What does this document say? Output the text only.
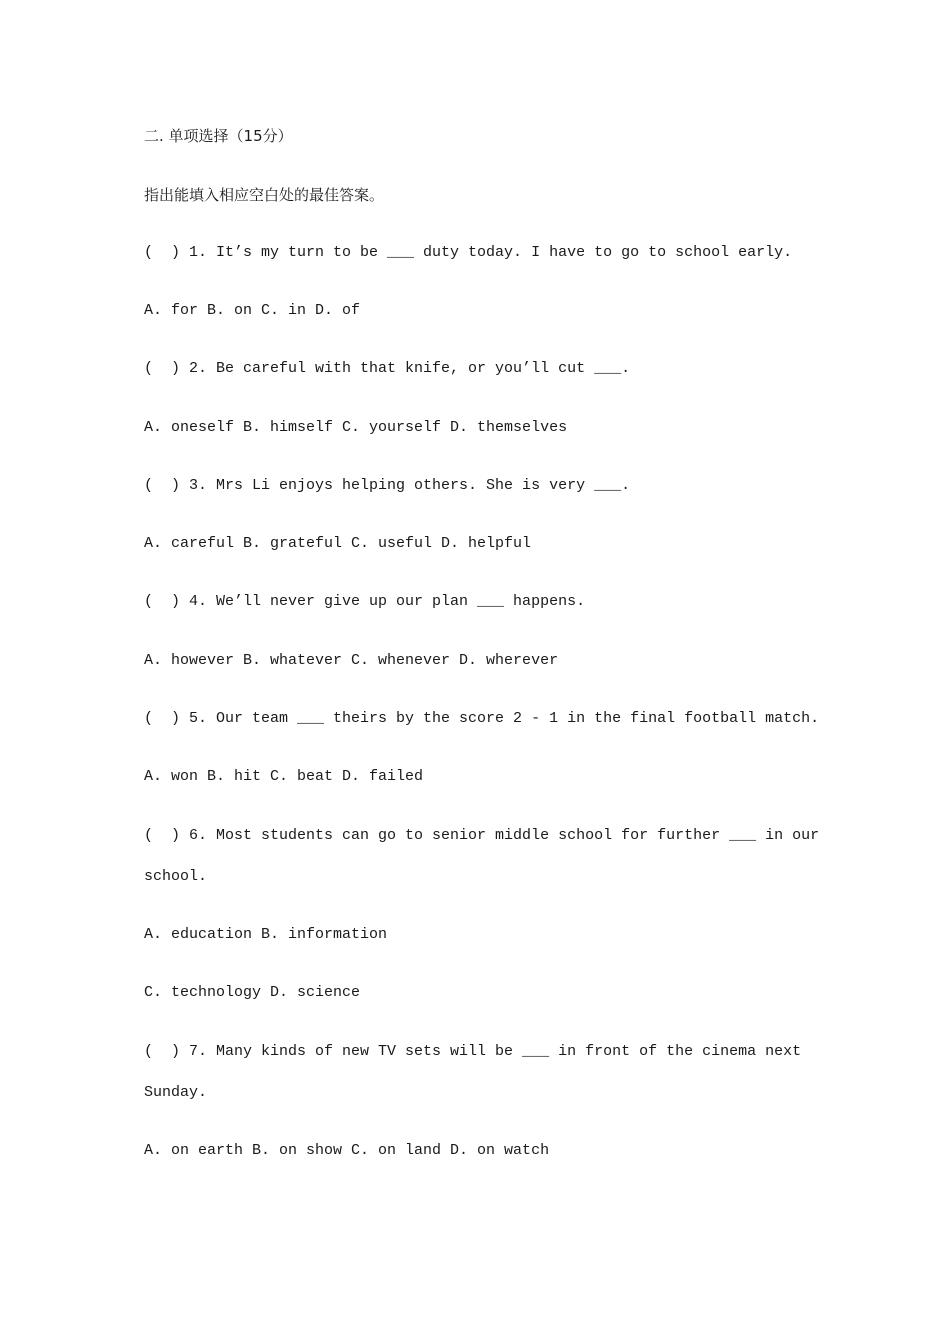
二. 单项选择（15分）
指出能填入相应空白处的最佳答案。
(  ) 1. It’s my turn to be ___ duty today. I have to go to school early.
A. for B. on C. in D. of
(  ) 2. Be careful with that knife, or you’ll cut ___.
A. oneself B. himself C. yourself D. themselves
(  ) 3. Mrs Li enjoys helping others. She is very ___.
A. careful B. grateful C. useful D. helpful
(  ) 4. We’ll never give up our plan ___ happens.
A. however B. whatever C. whenever D. wherever
(  ) 5. Our team ___ theirs by the score 2 - 1 in the final football match.
A. won B. hit C. beat D. failed
(  ) 6. Most students can go to senior middle school for further ___ in our
school.
A. education B. information
C. technology D. science
(  ) 7. Many kinds of new TV sets will be ___ in front of the cinema next
Sunday.
A. on earth B. on show C. on land D. on watch
